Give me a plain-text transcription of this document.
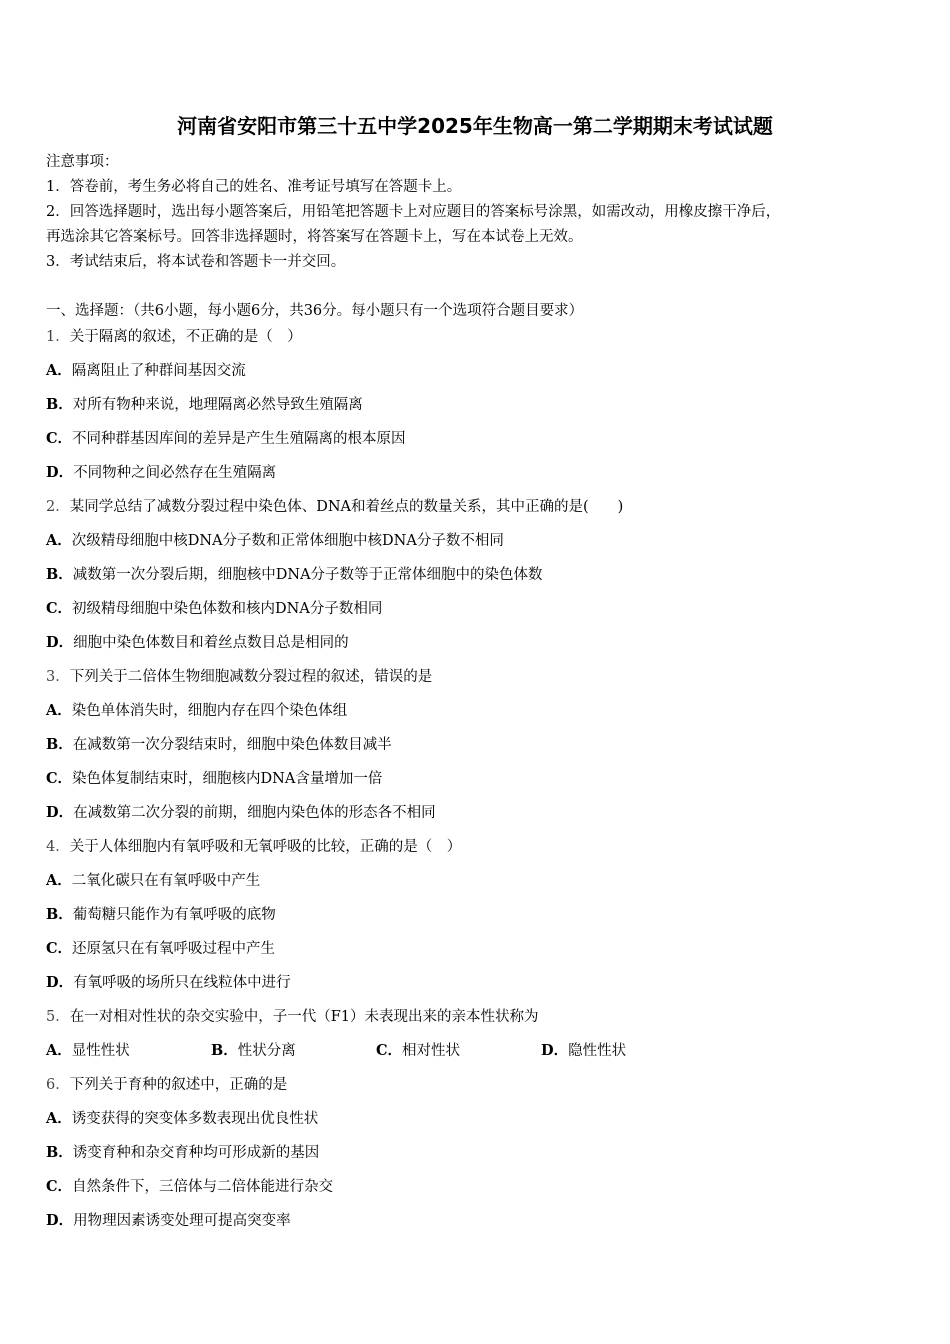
河南省安阳市第三十五中学2025年生物高一第二学期期末考试试题

注意事项：

1．答卷前，考生务必将自己的姓名、准考证号填写在答题卡上。

2．回答选择题时，选出每小题答案后，用铅笔把答题卡上对应题目的答案标号涂黑，如需改动，用橡皮擦干净后，

再选涂其它答案标号。回答非选择题时，将答案写在答题卡上，写在本试卷上无效。

3．考试结束后，将本试卷和答题卡一并交回。

一、选择题：（共6小题，每小题6分，共36分。每小题只有一个选项符合题目要求）
1．关于隔离的叙述，不正确的是（　）
A．隔离阻止了种群间基因交流
B．对所有物种来说，地理隔离必然导致生殖隔离
C．不同种群基因库间的差异是产生生殖隔离的根本原因
D．不同物种之间必然存在生殖隔离
2．某同学总结了减数分裂过程中染色体、DNA和着丝点的数量关系，其中正确的是(　　)
A．次级精母细胞中核DNA分子数和正常体细胞中核DNA分子数不相同
B．减数第一次分裂后期，细胞核中DNA分子数等于正常体细胞中的染色体数
C．初级精母细胞中染色体数和核内DNA分子数相同
D．细胞中染色体数目和着丝点数目总是相同的
3．下列关于二倍体生物细胞减数分裂过程的叙述，错误的是
A．染色单体消失时，细胞内存在四个染色体组
B．在减数第一次分裂结束时，细胞中染色体数目减半
C．染色体复制结束时，细胞核内DNA含量增加一倍
D．在减数第二次分裂的前期，细胞内染色体的形态各不相同
4．关于人体细胞内有氧呼吸和无氧呼吸的比较，正确的是（　）
A．二氧化碳只在有氧呼吸中产生
B．葡萄糖只能作为有氧呼吸的底物
C．还原氢只在有氧呼吸过程中产生
D．有氧呼吸的场所只在线粒体中进行
5．在一对相对性状的杂交实验中，子一代（F1）未表现出来的亲本性状称为
A．显性性状	B．性状分离	C．相对性状	D．隐性性状
6．下列关于育种的叙述中，正确的是
A．诱变获得的突变体多数表现出优良性状
B．诱变育种和杂交育种均可形成新的基因
C．自然条件下，三倍体与二倍体能进行杂交
D．用物理因素诱变处理可提高突变率
